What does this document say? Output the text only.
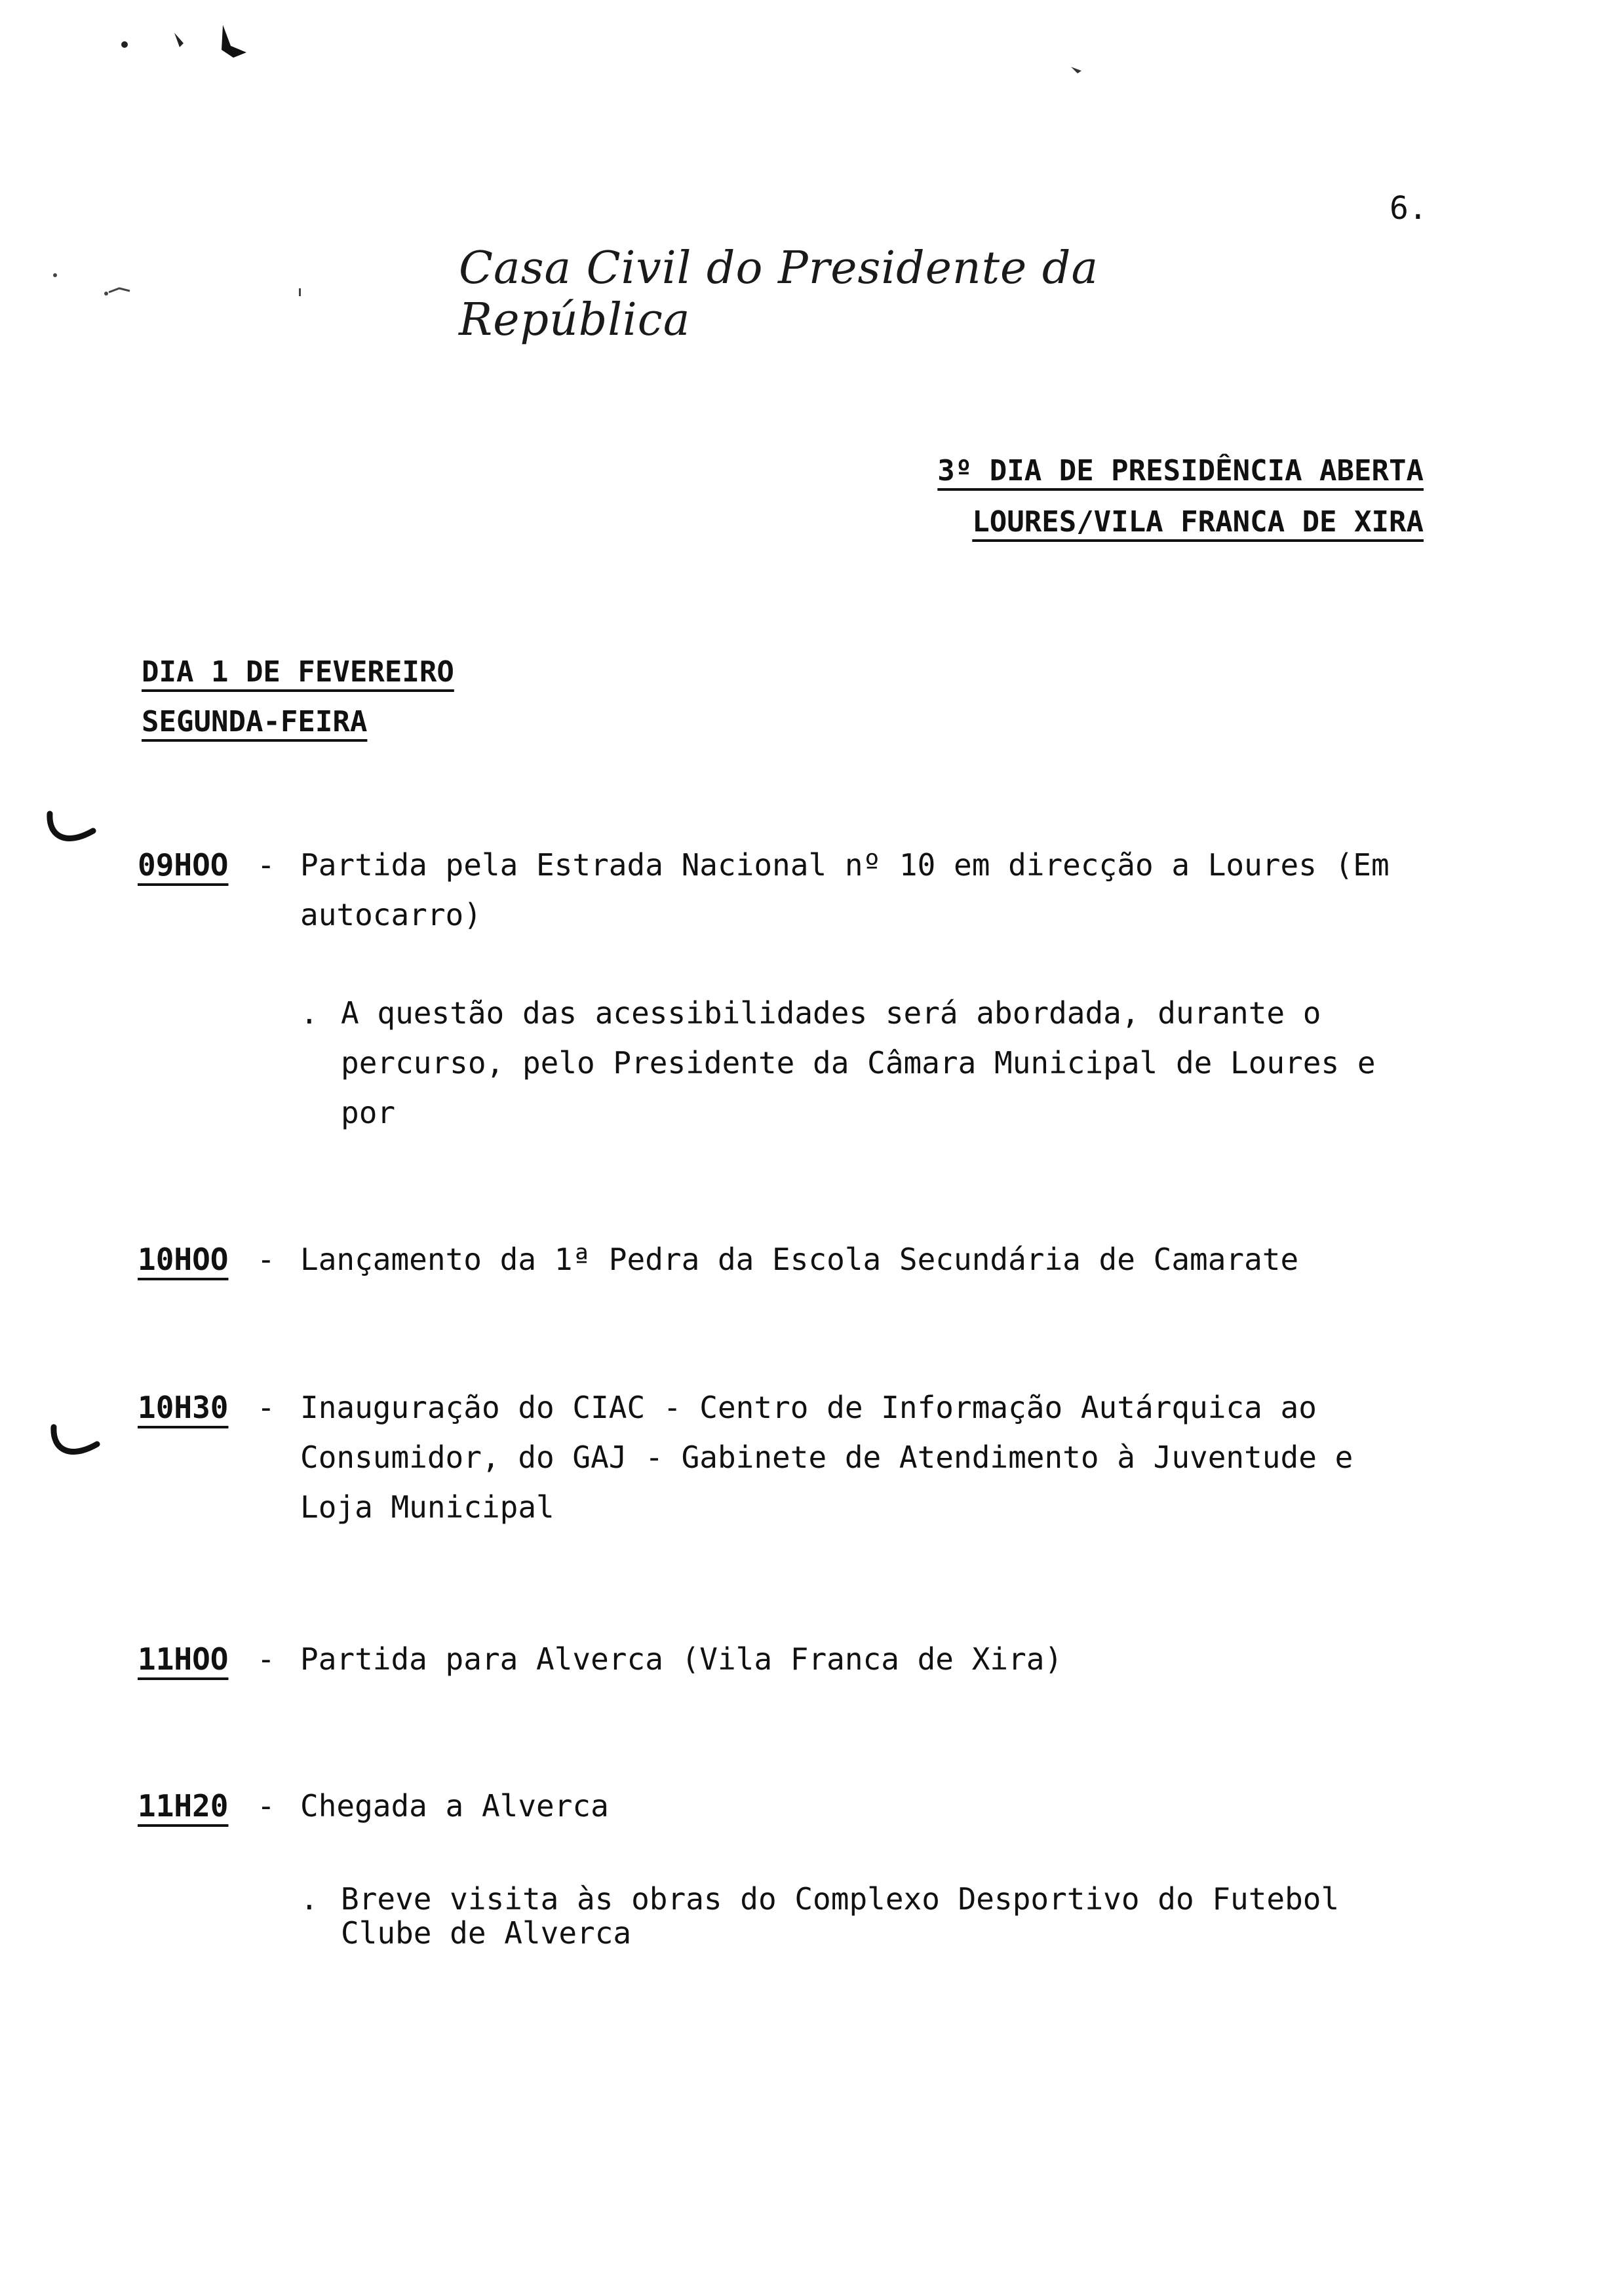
6.
Casa Civil do Presidente da República
3º DIA DE PRESIDÊNCIA ABERTA
LOURES/VILA FRANCA DE XIRA
DIA 1 DE FEVEREIRO
SEGUNDA-FEIRA
09HOO - Partida pela Estrada Nacional nº 10 em direcção a Loures (Em autocarro)
. A questão das acessibilidades será abordada, durante o percurso, pelo Presidente da Câmara Municipal de Loures e por
10HOO - Lançamento da 1ª Pedra da Escola Secundária de Camarate
10H30 - Inauguração do CIAC - Centro de Informação Autárquica ao Consumidor, do GAJ - Gabinete de Atendimento à Juventude e Loja Municipal
11HOO - Partida para Alverca (Vila Franca de Xira)
11H20 - Chegada a Alverca
. Breve visita às obras do Complexo Desportivo do Futebol Clube de Alverca
